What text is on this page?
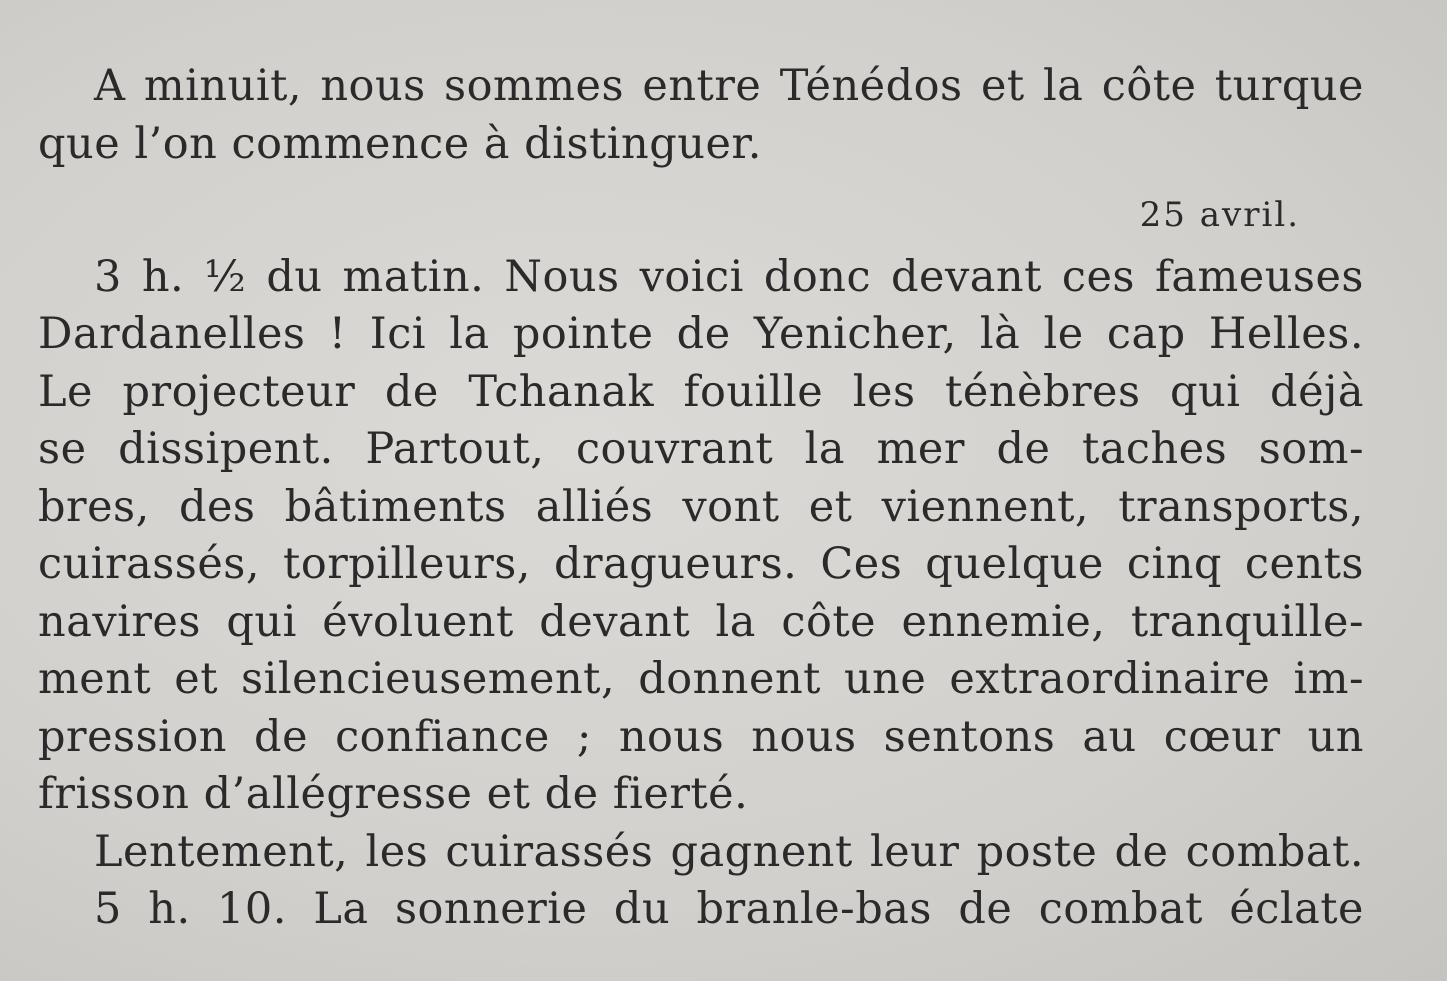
A minuit, nous sommes entre Ténédos et la côte turque
que l’on commence à distinguer.
25 avril.
3 h. ½ du matin. Nous voici donc devant ces fameuses
Dardanelles ! Ici la pointe de Yenicher, là le cap Helles.
Le projecteur de Tchanak fouille les ténèbres qui déjà
se dissipent. Partout, couvrant la mer de taches som-
bres, des bâtiments alliés vont et viennent, transports,
cuirassés, torpilleurs, dragueurs. Ces quelque cinq cents
navires qui évoluent devant la côte ennemie, tranquille-
ment et silencieusement, donnent une extraordinaire im-
pression de confiance ; nous nous sentons au cœur un
frisson d’allégresse et de fierté.
Lentement, les cuirassés gagnent leur poste de combat.
5 h. 10. La sonnerie du branle-bas de combat éclate
